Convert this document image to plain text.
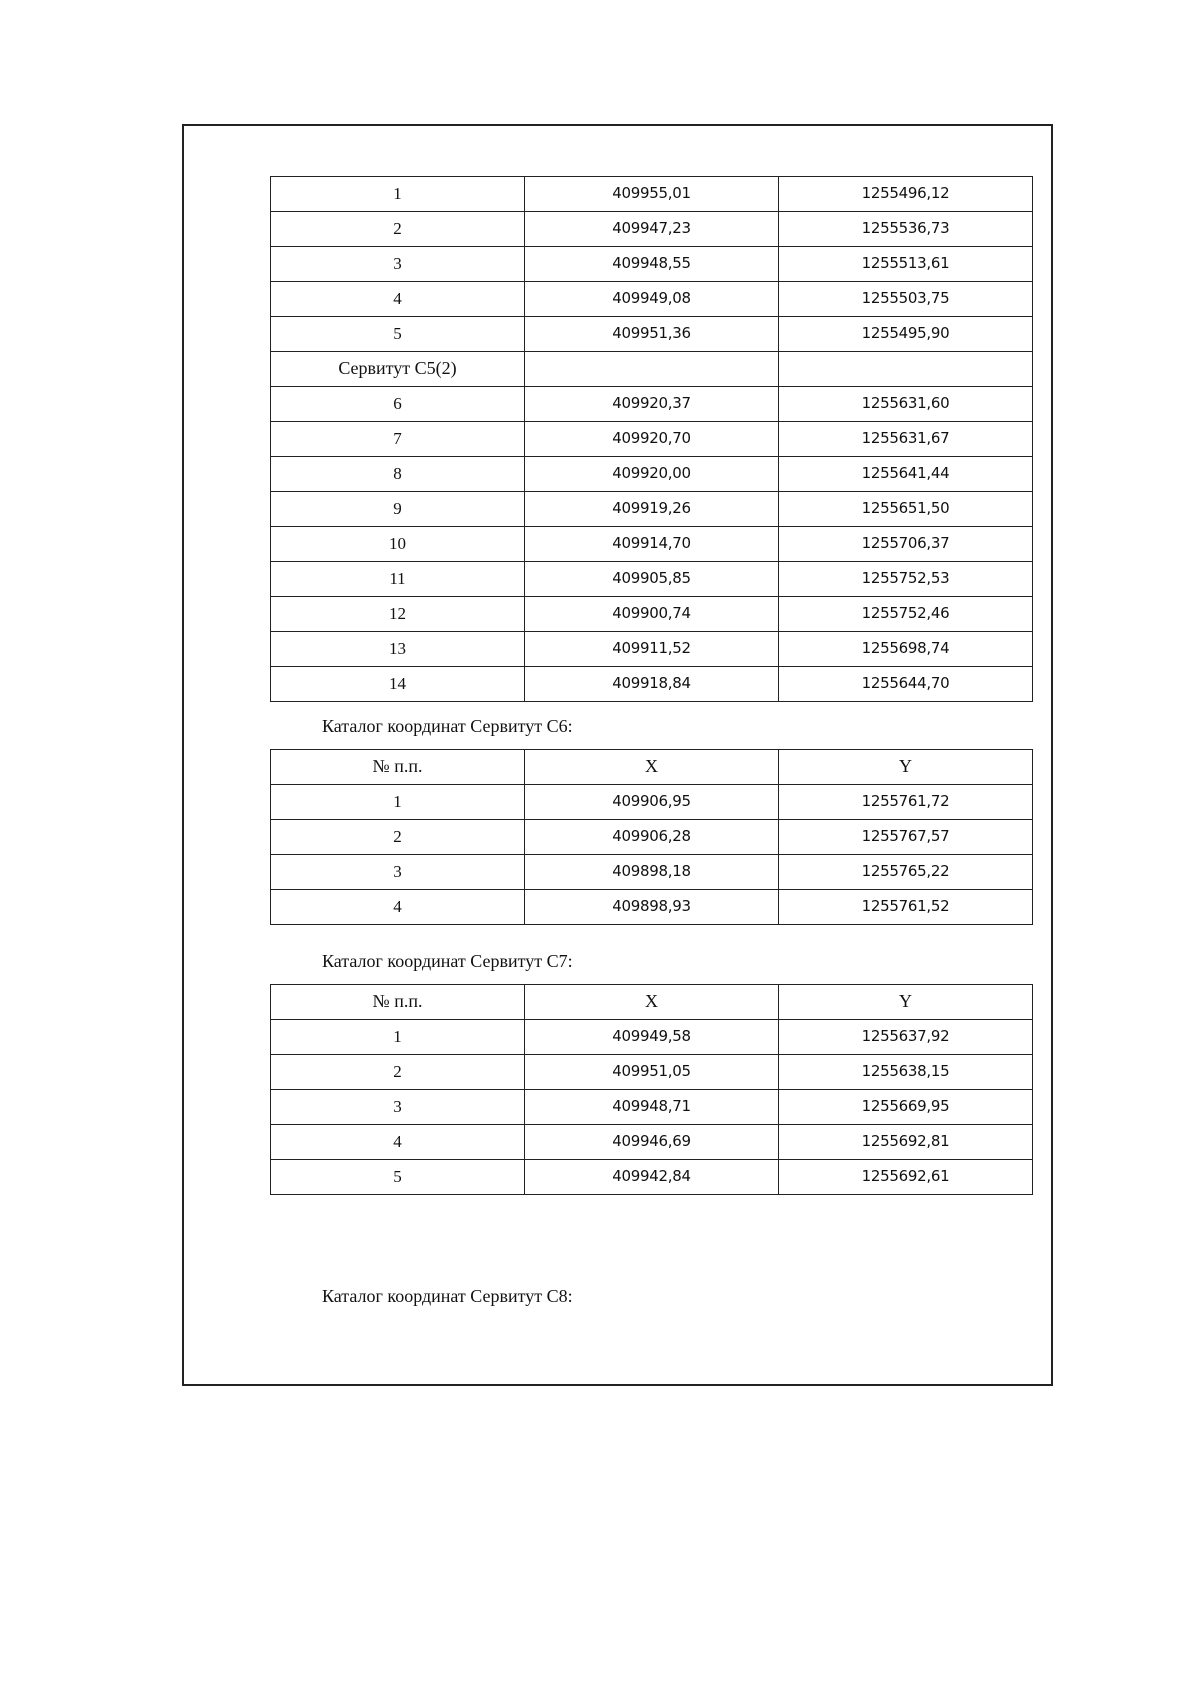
1	409955,01	1255496,12
2	409947,23	1255536,73
3	409948,55	1255513,61
4	409949,08	1255503,75
5	409951,36	1255495,90
Сервитут С5(2)		
6	409920,37	1255631,60
7	409920,70	1255631,67
8	409920,00	1255641,44
9	409919,26	1255651,50
10	409914,70	1255706,37
11	409905,85	1255752,53
12	409900,74	1255752,46
13	409911,52	1255698,74
14	409918,84	1255644,70
Каталог координат Сервитут С6:
№ п.п.	X	Y
1	409906,95	1255761,72
2	409906,28	1255767,57
3	409898,18	1255765,22
4	409898,93	1255761,52
Каталог координат Сервитут С7:
№ п.п.	X	Y
1	409949,58	1255637,92
2	409951,05	1255638,15
3	409948,71	1255669,95
4	409946,69	1255692,81
5	409942,84	1255692,61
Каталог координат Сервитут С8:
